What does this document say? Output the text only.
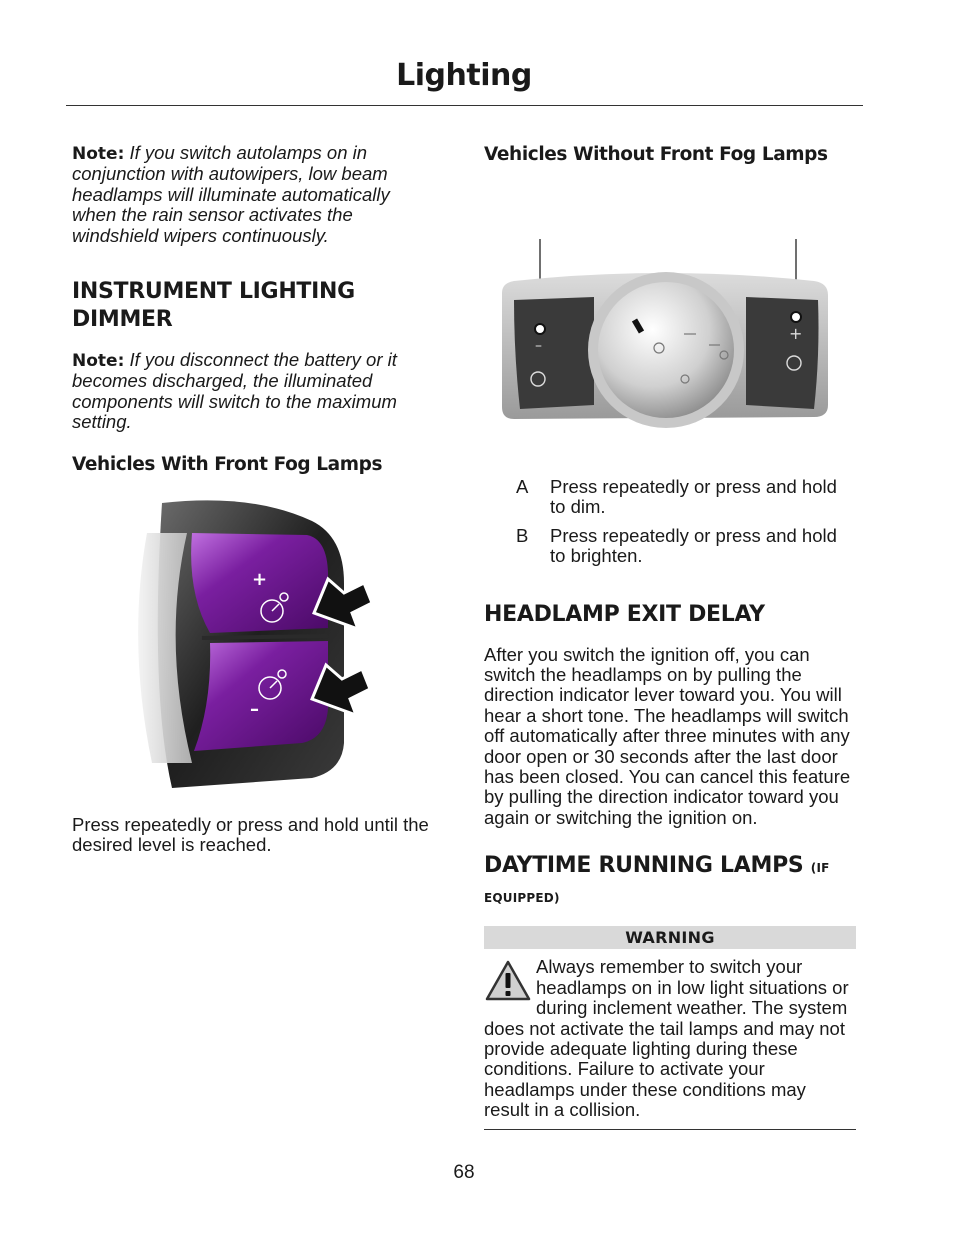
Lighting

Note: If you switch autolamps on in conjunction with autowipers, low beam headlamps will illuminate automatically when the rain sensor activates the windshield wipers continuously.

INSTRUMENT LIGHTING DIMMER

Note: If you disconnect the battery or it becomes discharged, the illuminated components will switch to the maximum setting.

Vehicles With Front Fog Lamps
+
–

Press repeatedly or press and hold until the desired level is reached.

Vehicles Without Front Fog Lamps
–
+
A	Press repeatedly or press and hold to dim.
B	Press repeatedly or press and hold to brighten.
HEADLAMP EXIT DELAY

After you switch the ignition off, you can switch the headlamps on by pulling the direction indicator lever toward you. You will hear a short tone. The headlamps will switch off automatically after three minutes with any door open or 30 seconds after the last door has been closed. You can cancel this feature by pulling the direction indicator toward you again or switching the ignition on.

DAYTIME RUNNING LAMPS (IF EQUIPPED)
WARNING

Always remember to switch your headlamps on in low light situations or during inclement weather. The system does not activate the tail lamps and may not provide adequate lighting during these conditions. Failure to activate your headlamps under these conditions may result in a collision.

68
